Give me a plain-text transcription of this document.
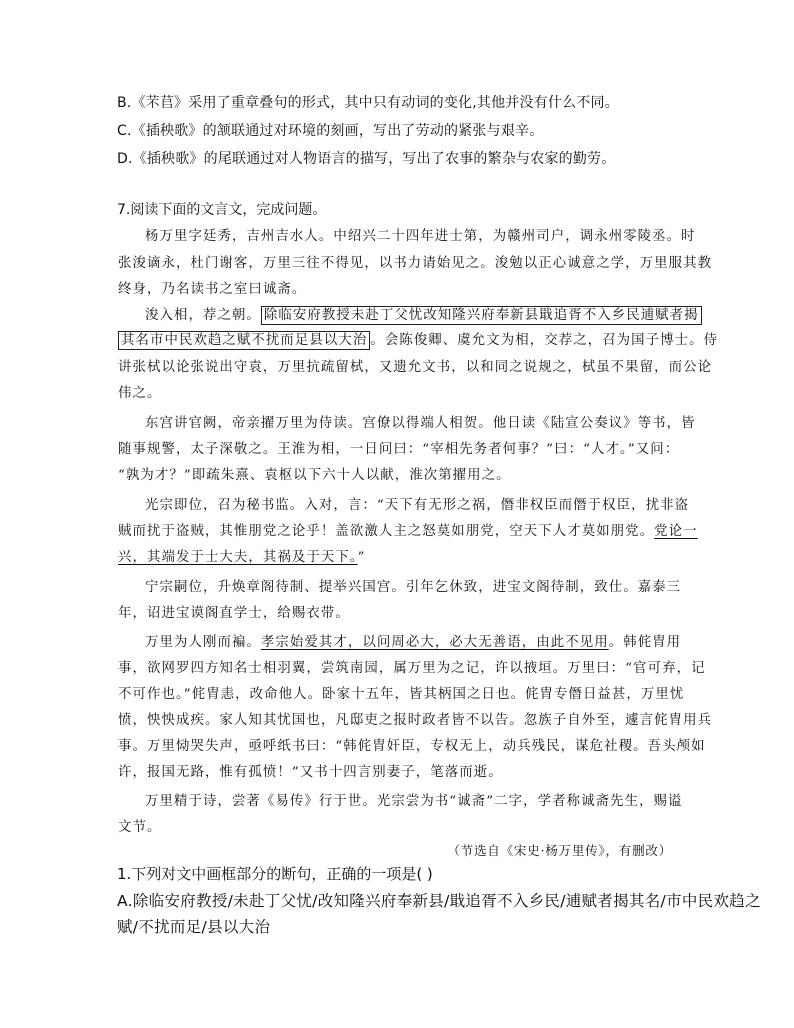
B.《芣苢》采用了重章叠句的形式，其中只有动词的变化,其他并没有什么不同。
C.《插秧歌》的颔联通过对环境的刻画，写出了劳动的紧张与艰辛。
D.《插秧歌》的尾联通过对人物语言的描写，写出了农事的繁杂与农家的勤劳。
7.阅读下面的文言文，完成问题。
杨万里字廷秀，吉州吉水人。中绍兴二十四年进士第，为赣州司户，调永州零陵丞。时
张浚谪永，杜门谢客，万里三往不得见，以书力请始见之。浚勉以正心诚意之学，万里服其教
终身，乃名读书之室曰诚斋。
浚入相，荐之朝。 除临安府教授未赴丁父忧改知隆兴府奉新县戢追胥不入乡民逋赋者揭
其名市中民欢趋之赋不扰而足县以大治 。会陈俊卿、虞允文为相，交荐之，召为国子博士。侍
讲张栻以论张说出守袁，万里抗疏留栻，又遗允文书，以和同之说规之，栻虽不果留，而公论
伟之。
东宫讲官阙，帝亲擢万里为侍读。宫僚以得端人相贺。他日读《陆宣公奏议》等书，皆
随事规警，太子深敬之。王淮为相，一日问曰：“宰相先务者何事？”曰：“人才。”又问：
“孰为才？”即疏朱熹、袁枢以下六十人以献，淮次第擢用之。
光宗即位，召为秘书监。入对，言：“天下有无形之祸，僭非权臣而僭于权臣，扰非盗
贼而扰于盗贼，其惟朋党之论乎！盖欲激人主之怒莫如朋党，空天下人才莫如朋党。党论一
兴，其端发于士大夫，其祸及于天下。”
宁宗嗣位，升焕章阁待制、提举兴国宫。引年乞休致，进宝文阁待制，致仕。嘉泰三
年，诏进宝谟阁直学士，给赐衣带。
万里为人刚而褊。孝宗始爱其才，以问周必大，必大无善语，由此不见用。韩侂胄用
事，欲网罗四方知名士相羽翼，尝筑南园，属万里为之记，许以掖垣。万里曰：“官可弃，记
不可作也。”侂胄恚，改命他人。卧家十五年，皆其柄国之日也。侂胄专僭日益甚，万里忧
愤，怏怏成疾。家人知其忧国也，凡邸吏之报时政者皆不以告。忽族子自外至，遽言侂胄用兵
事。万里恸哭失声，亟呼纸书曰：“韩侂胄奸臣，专权无上，动兵残民，谋危社稷。吾头颅如
许，报国无路，惟有孤愤！”又书十四言别妻子，笔落而逝。
万里精于诗，尝著《易传》行于世。光宗尝为书“诚斋”二字，学者称诚斋先生，赐谥
文节。
（节选自《宋史·杨万里传》，有删改）
1.下列对文中画框部分的断句，正确的一项是( )
A.除临安府教授/未赴丁父忧/改知隆兴府奉新县/戢追胥不入乡民/逋赋者揭其名/市中民欢趋之
赋/不扰而足/县以大治
